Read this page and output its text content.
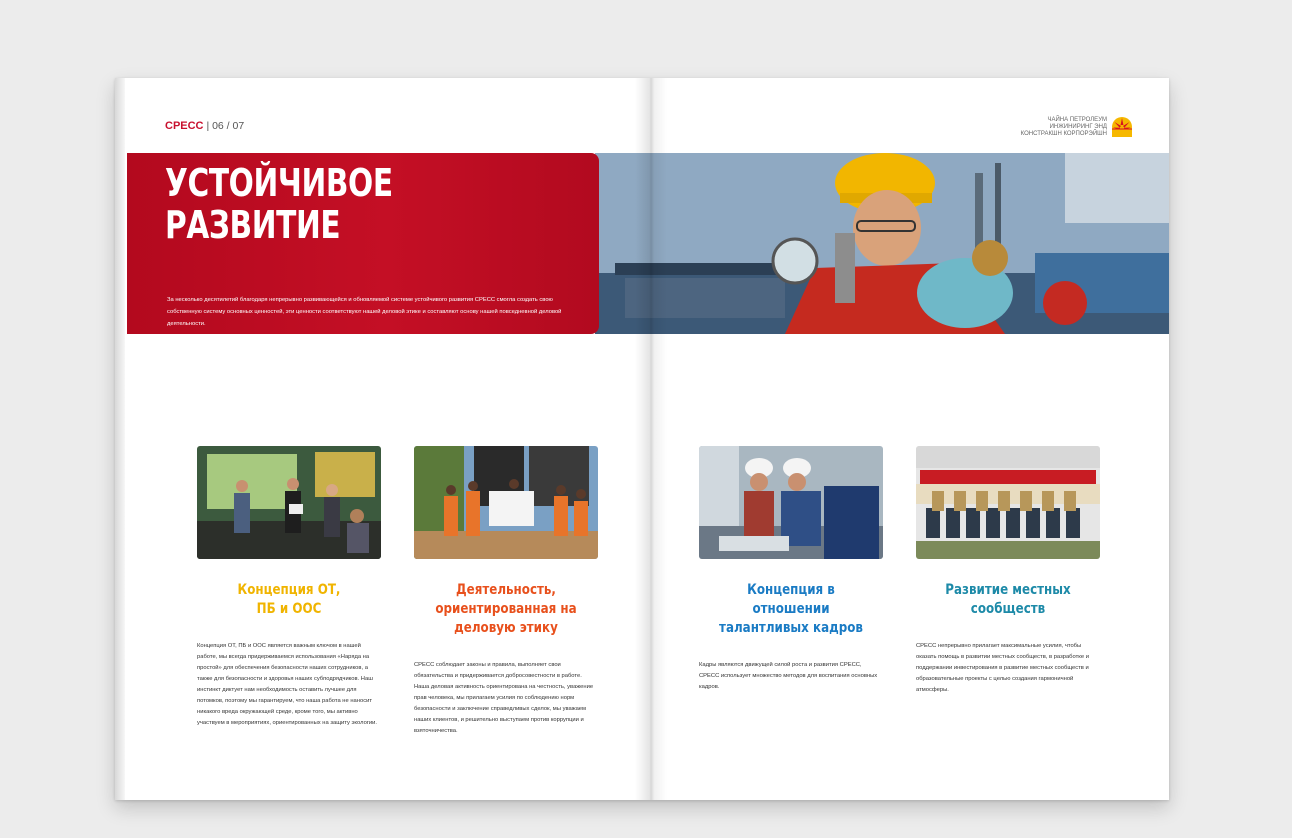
CPECC | 06 / 07	ЧАЙНА ПЕТРОЛЕУМ
ИНЖИНИРИНГ ЭНД
КОНСТРАКШН КОРПОРЭЙШН
УСТОЙЧИВОЕ
РАЗВИТИЕ
За несколько десятилетий благодаря непрерывно развивающейся и обновляемой системе устойчивого развития CPECC смогла создать свою собственную систему основных ценностей, эти ценности соответствуют нашей деловой этике и составляют основу нашей повседневной деловой деятельности.
Концепция ОТ,
ПБ и ООС
Концепция ОТ, ПБ и ООС является важным ключом в нашей работе, мы всегда придерживаемся использования «Наряда на простой» для обеспечения безопасности наших сотрудников, а также для безопасности и здоровья наших субподрядчиков. Наш инстинкт диктует нам необходимость оставить лучшее для потомков, поэтому мы гарантируем, что наша работа не наносит никакого вреда окружающей среде, кроме того, мы активно участвуем в мероприятиях, ориентированных на защиту экологии.
Деятельность,
ориентированная на
деловую этику
CPECC соблюдает законы и правила, выполняет свои обязательства и придерживается добросовестности в работе. Наша деловая активность ориентирована на честность, уважение прав человека, мы прилагаем усилия по соблюдению норм безопасности и заключение справедливых сделок, мы уважаем наших клиентов, и решительно выступаем против коррупции и взяточничества.
Концепция в отношении
талантливых кадров
Кадры являются движущей силой роста и развития CPECC, CPECC использует множество методов для воспитания основных кадров.
Развитие местных
сообществ
CPECC непрерывно прилагает максимальные усилия, чтобы оказать помощь в развитии местных сообществ, в разработке и поддержании инвестирования в развитие местных сообществ и образовательные проекты с целью создания гармоничной атмосферы.
